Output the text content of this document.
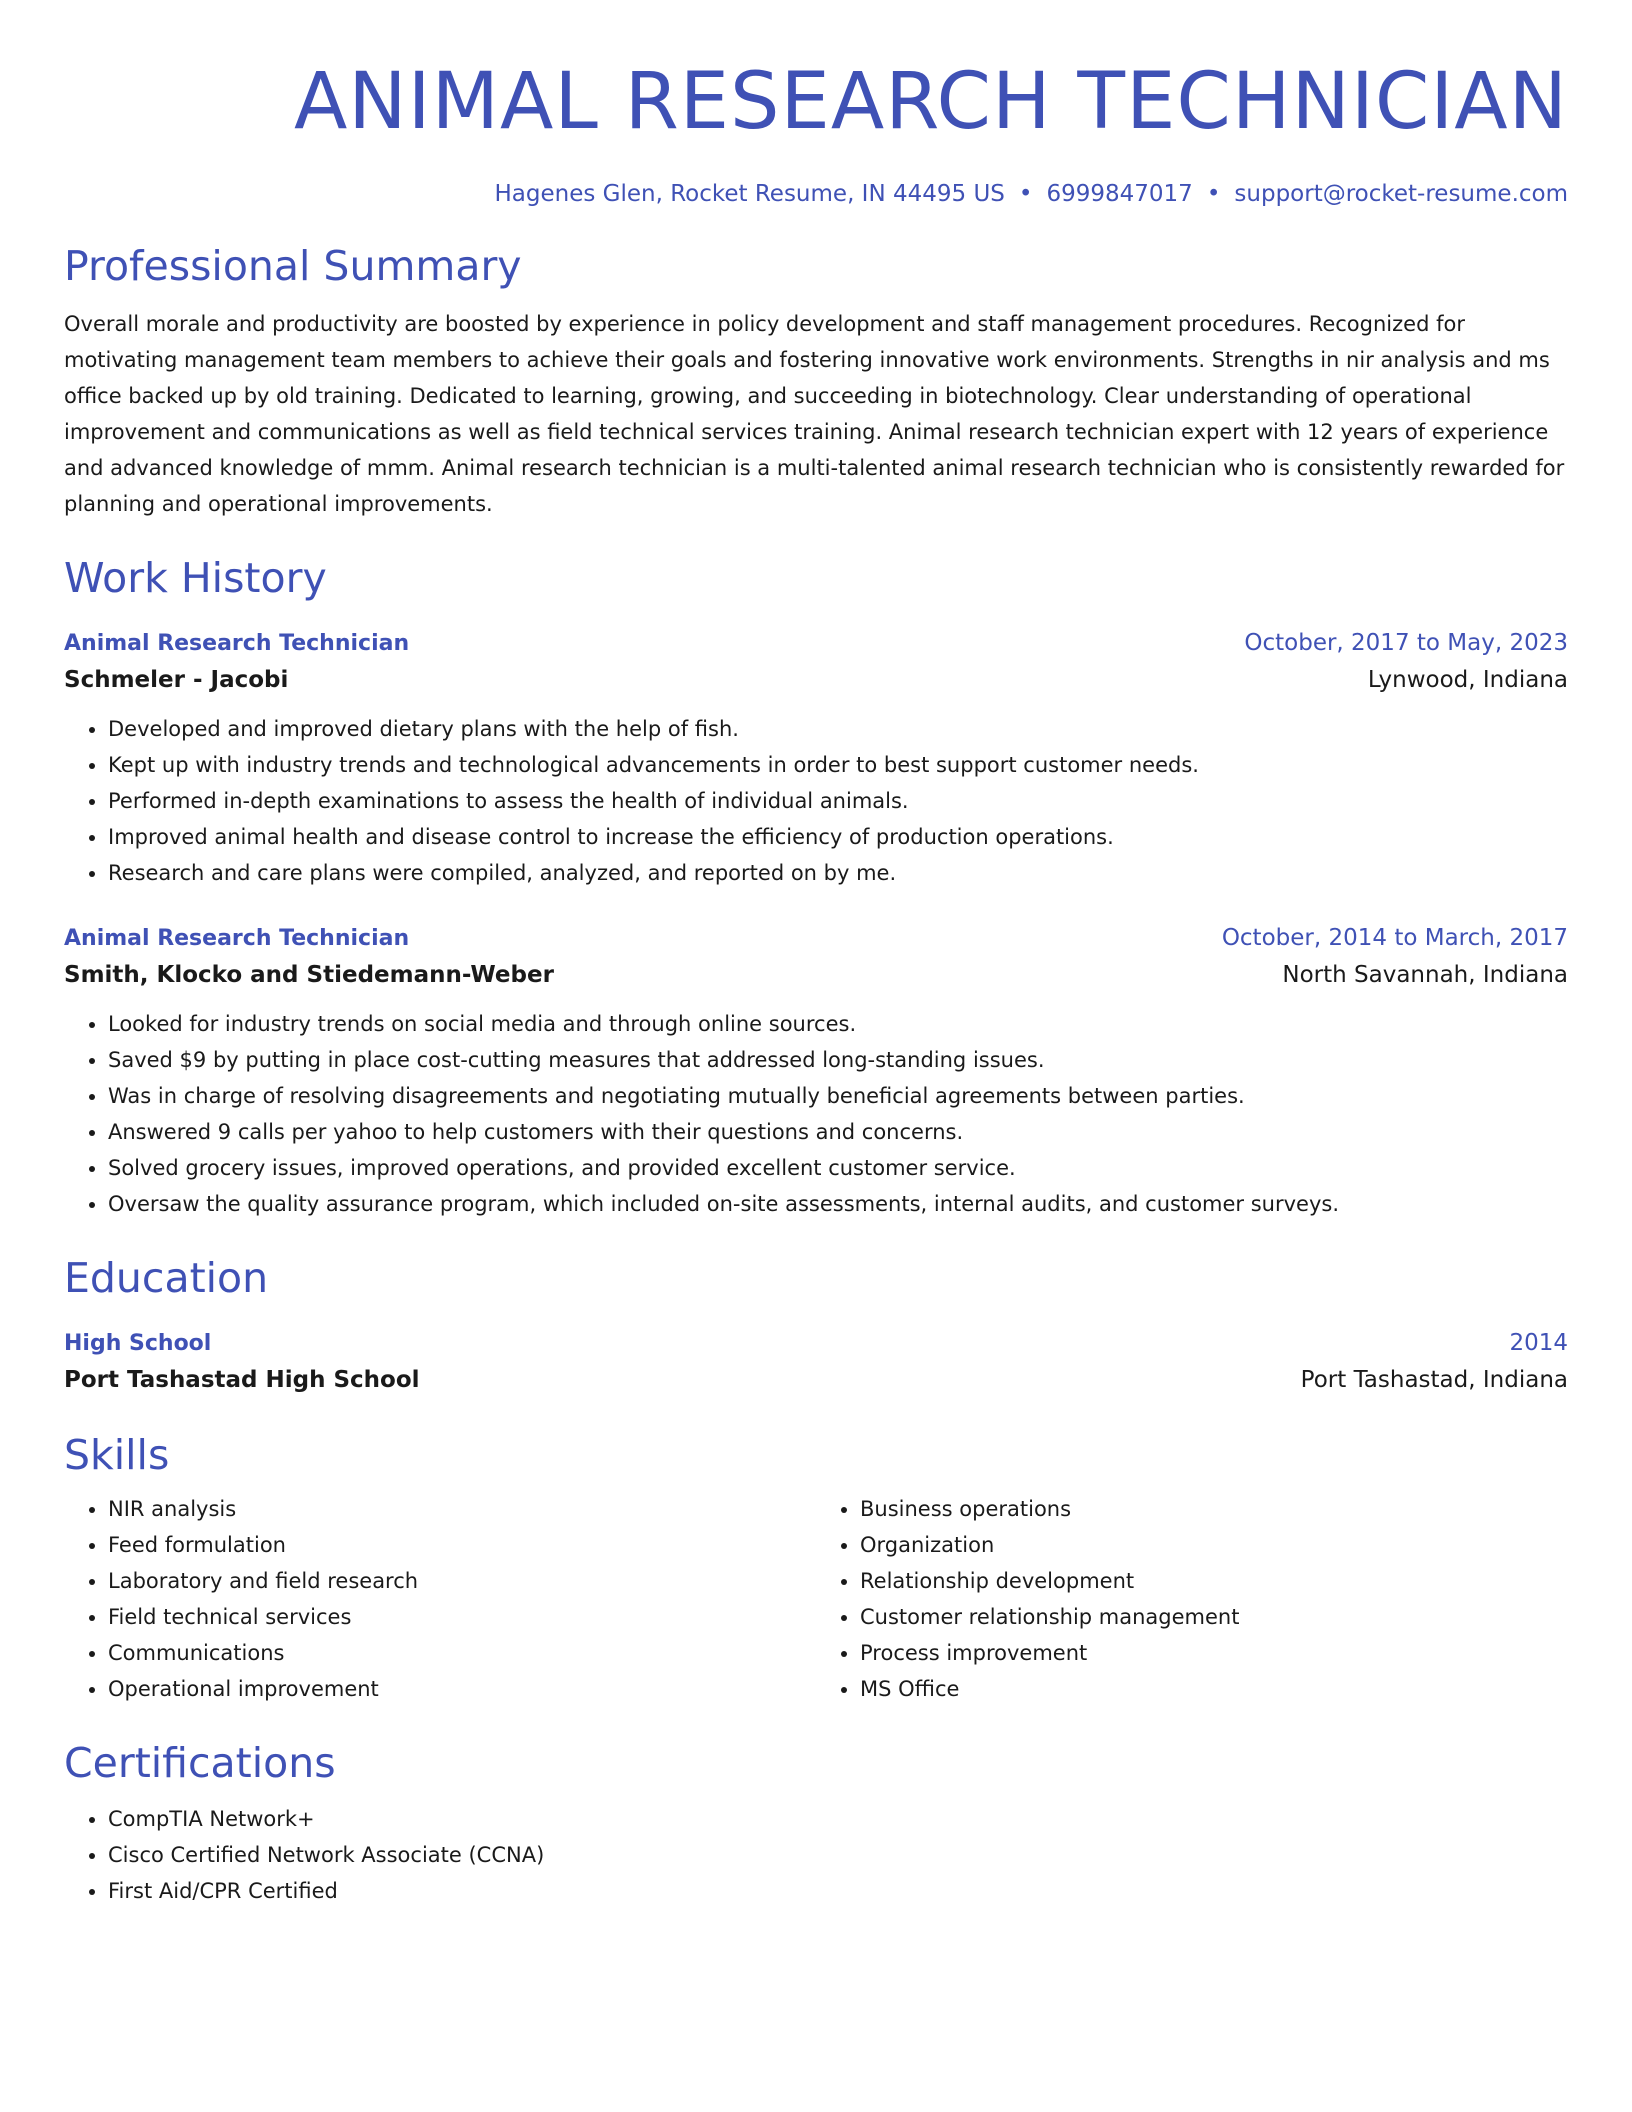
ANIMAL RESEARCH TECHNICIAN
Hagenes Glen, Rocket Resume, IN 44495 US • 6999847017 • support@rocket-resume.com
Professional Summary
Overall morale and productivity are boosted by experience in policy development and staff management procedures. Recognized for motivating management team members to achieve their goals and fostering innovative work environments. Strengths in nir analysis and ms office backed up by old training. Dedicated to learning, growing, and succeeding in biotechnology. Clear understanding of operational improvement and communications as well as field technical services training. Animal research technician expert with 12 years of experience and advanced knowledge of mmm. Animal research technician is a multi-talented animal research technician who is consistently rewarded for planning and operational improvements.
Work History
Animal Research Technician	October, 2017 to May, 2023
Schmeler - Jacobi	Lynwood, Indiana
• Developed and improved dietary plans with the help of fish.
• Kept up with industry trends and technological advancements in order to best support customer needs.
• Performed in-depth examinations to assess the health of individual animals.
• Improved animal health and disease control to increase the efficiency of production operations.
• Research and care plans were compiled, analyzed, and reported on by me.
Animal Research Technician	October, 2014 to March, 2017
Smith, Klocko and Stiedemann-Weber	North Savannah, Indiana
• Looked for industry trends on social media and through online sources.
• Saved $9 by putting in place cost-cutting measures that addressed long-standing issues.
• Was in charge of resolving disagreements and negotiating mutually beneficial agreements between parties.
• Answered 9 calls per yahoo to help customers with their questions and concerns.
• Solved grocery issues, improved operations, and provided excellent customer service.
• Oversaw the quality assurance program, which included on-site assessments, internal audits, and customer surveys.
Education
High School	2014
Port Tashastad High School	Port Tashastad, Indiana
Skills
• NIR analysis
• Feed formulation
• Laboratory and field research
• Field technical services
• Communications
• Operational improvement
• Business operations
• Organization
• Relationship development
• Customer relationship management
• Process improvement
• MS Office
Certifications
• CompTIA Network+
• Cisco Certified Network Associate (CCNA)
• First Aid/CPR Certified
